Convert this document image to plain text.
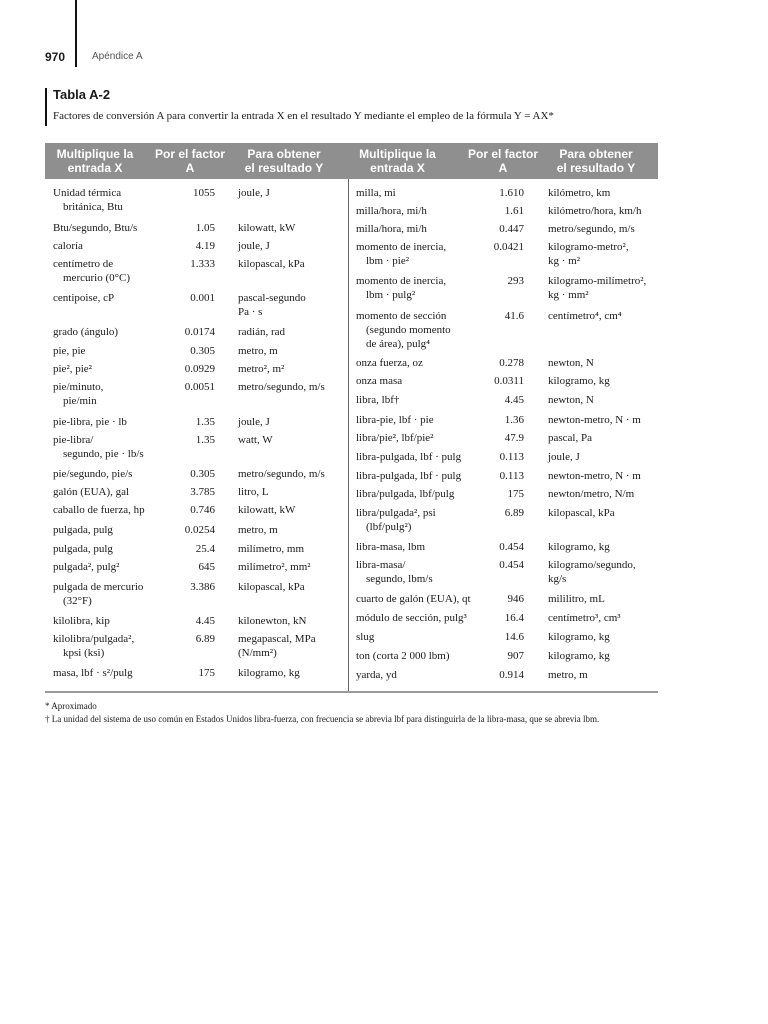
970	Apéndice A
Tabla A-2
Factores de conversión A para convertir la entrada X en el resultado Y mediante el empleo de la fórmula Y = AX*
Multiplique la
entrada X
Por el factor
A
Para obtener
el resultado Y
Multiplique la
entrada X
Por el factor
A
Para obtener
el resultado Y
Unidad térmica
británica, Btu
1055 joule, J
Btu/segundo, Btu/s	1.05 kilowatt, kW
caloría	4.19 joule, J
centímetro de
mercurio (0°C)
1.333 kilopascal, kPa
centipoise, cP	0.001 pascal-segundo
Pa · s
grado (ángulo)	0.0174 radián, rad
pie, pie	0.305 metro, m
pie², pie²	0.0929 metro², m²
pie/minuto,
pie/min
0.0051 metro/segundo, m/s
pie-libra, pie · lb	1.35 joule, J
pie-libra/
segundo, pie · lb/s
1.35 watt, W
pie/segundo, pie/s	0.305 metro/segundo, m/s
galón (EUA), gal	3.785 litro, L
caballo de fuerza, hp	0.746 kilowatt, kW
pulgada, pulg	0.0254 metro, m
pulgada, pulg	25.4 milímetro, mm
pulgada², pulg²	645 milímetro², mm²
pulgada de mercurio
(32°F)
3.386 kilopascal, kPa
kilolibra, kip	4.45 kilonewton, kN
kilolibra/pulgada²,
kpsi (ksi)
6.89 megapascal, MPa
(N/mm²)
masa, lbf · s²/pulg	175 kilogramo, kg
milla, mi	1.610 kilómetro, km
milla/hora, mi/h	1.61 kilómetro/hora, km/h
milla/hora, mi/h	0.447 metro/segundo, m/s
momento de inercia,
lbm · pie²
0.0421 kilogramo-metro²,
kg · m²
momento de inercia,
lbm · pulg²
293 kilogramo-milímetro²,
kg · mm²
momento de sección
(segundo momento
de área), pulg⁴
41.6 centímetro⁴, cm⁴
onza fuerza, oz	0.278 newton, N
onza masa	0.0311 kilogramo, kg
libra, lbf†	4.45 newton, N
libra-pie, lbf · pie	1.36 newton-metro, N · m
libra/pie², lbf/pie²	47.9 pascal, Pa
libra-pulgada, lbf · pulg	0.113 joule, J
libra-pulgada, lbf · pulg	0.113 newton-metro, N · m
libra/pulgada, lbf/pulg	175 newton/metro, N/m
libra/pulgada², psi
(lbf/pulg²)
6.89 kilopascal, kPa
libra-masa, lbm	0.454 kilogramo, kg
libra-masa/
segundo, lbm/s
0.454 kilogramo/segundo,
kg/s
cuarto de galón (EUA), qt	946 mililitro, mL
módulo de sección, pulg³	16.4 centímetro³, cm³
slug	14.6 kilogramo, kg
ton (corta 2 000 lbm)	907 kilogramo, kg
yarda, yd	0.914 metro, m
* Aproximado
† La unidad del sistema de uso común en Estados Unidos libra-fuerza, con frecuencia se abrevia lbf para distinguirla de la libra-masa, que se abrevia lbm.
